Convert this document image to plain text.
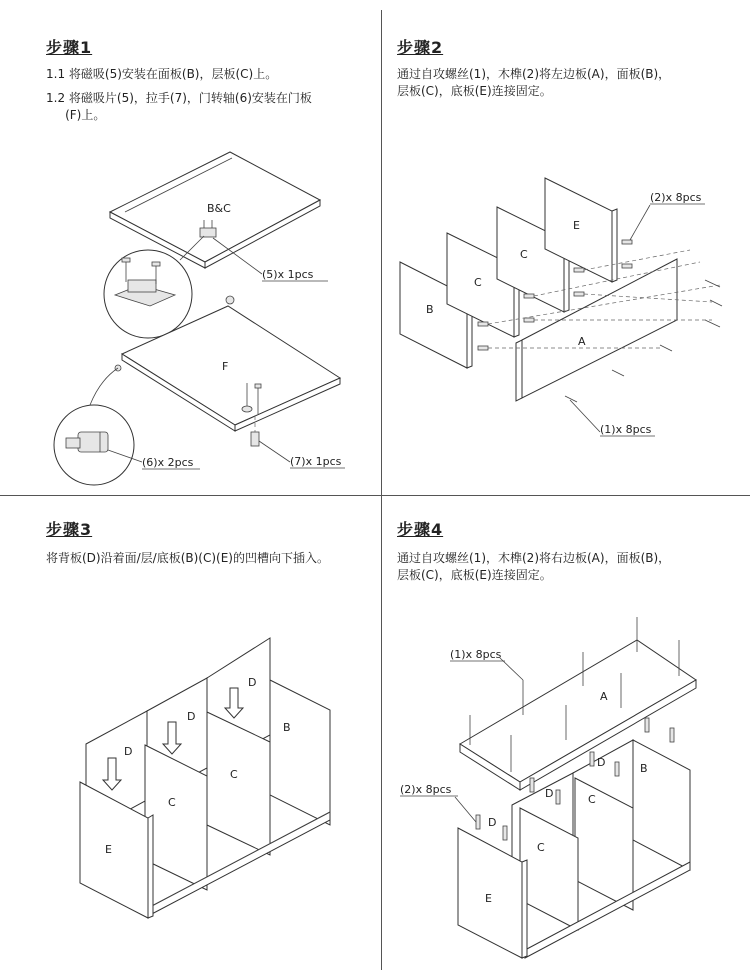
步骤1
1.1 将磁吸(5)安装在面板(B)，层板(C)上。
1.2 将磁吸片(5)，拉手(7)，门转轴(6)安装在门板
(F)上。
B&C
(5)x 1pcs
F
(7)x 1pcs
(6)x 2pcs
步骤2
通过自攻螺丝(1)，木榫(2)将左边板(A)，面板(B)，
层板(C)，底板(E)连接固定。
B
C
C
E
A
(2)x 8pcs
(1)x 8pcs
步骤3
将背板(D)沿着面/层/底板(B)(C)(E)的凹槽向下插入。
D
D
D
B
C
C
E
步骤4
通过自攻螺丝(1)，木榫(2)将右边板(A)，面板(B)，
层板(C)，底板(E)连接固定。
A
(1)x 8pcs
B
D
D
D
C
C
(2)x 8pcs
E
